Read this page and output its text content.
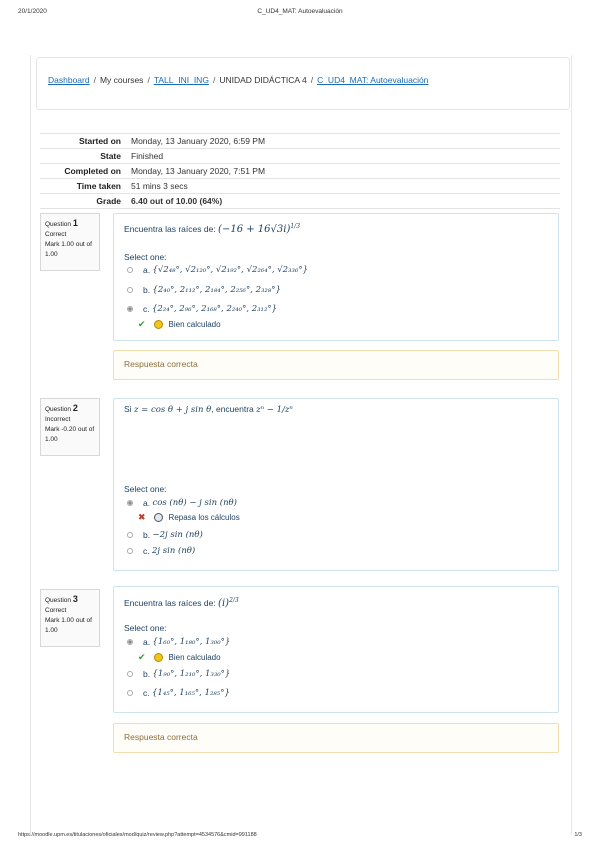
20/1/2020	C_UD4_MAT: Autoevaluación
https://moodle.upm.es/titulaciones/oficiales/mod/quiz/review.php?attempt=4534576&cmid=991188	1/3
Dashboard / My courses / TALL_INI_ING / UNIDAD DIDÁCTICA 4 / C_UD4_MAT: Autoevaluación
Started on	Monday, 13 January 2020, 6:59 PM
State	Finished
Completed on	Monday, 13 January 2020, 7:51 PM
Time taken	51 mins 3 secs
Grade	6.40 out of 10.00 (64%)
Question 1
Correct
Mark 1.00 out of 1.00
Encuentra las raíces de: $(-16 + 16√3i)^{1/3}$
Select one:
a.
{√2₄₈°, √2₁₂₀°, √2₁₉₂°, √2₂₆₄°, √2₃₃₆°}
b.
{2₄₀°, 2₁₁₂°, 2₁₈₄°, 2₂₅₆°, 2₃₂₈°}
c.
{2₂₄°, 2₉₆°, 2₁₆₈°, 2₂₄₀°, 2₃₁₂°}
✔	Bien calculado
Respuesta correcta
Question 2
Incorrect
Mark -0.20 out of 1.00
Si z = cos θ + j sin θ, encuentra zⁿ − 1/zⁿ
Select one:
a.
cos (nθ) − j sin (nθ)
✖	Repasa los cálculos
b.
−2j sin (nθ)
c.
2j sin (nθ)
Question 3
Correct
Mark 1.00 out of 1.00
Encuentra las raíces de: $(i)^{2/3}$
Select one:
a.
{1₆₀°, 1₁₈₀°, 1₃₀₀°}
✔	Bien calculado
b.
{1₉₀°, 1₂₁₀°, 1₃₃₀°}
c.
{1₄₅°, 1₁₆₅°, 1₂₈₅°}
Respuesta correcta
